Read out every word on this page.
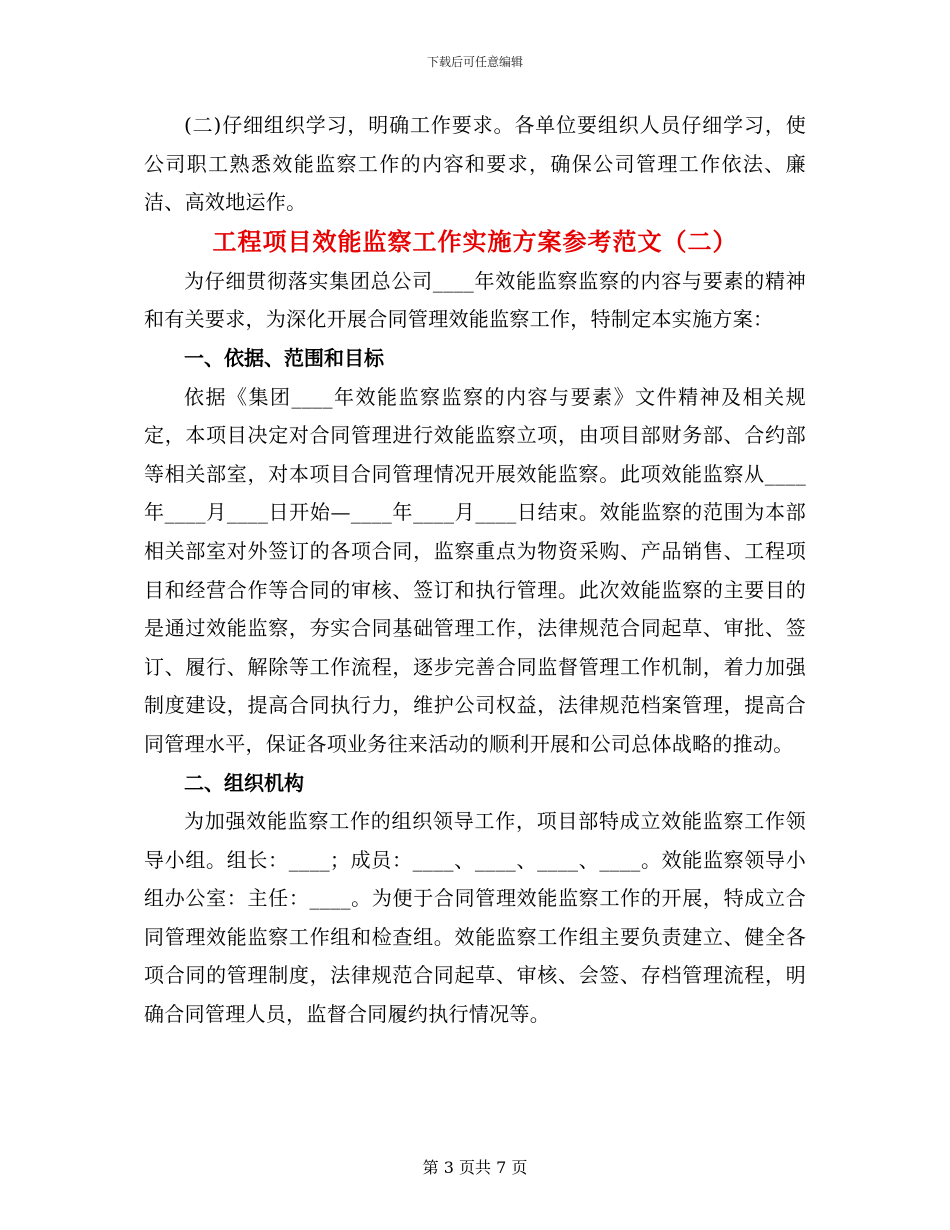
下载后可任意编辑

(二)仔细组织学习，明确工作要求。各单位要组织人员仔细学习，使公司职工熟悉效能监察工作的内容和要求，确保公司管理工作依法、廉洁、高效地运作。

工程项目效能监察工作实施方案参考范文（二）

为仔细贯彻落实集团总公司____年效能监察监察的内容与要素的精神和有关要求，为深化开展合同管理效能监察工作，特制定本实施方案：

一、依据、范围和目标

依据《集团____年效能监察监察的内容与要素》文件精神及相关规定，本项目决定对合同管理进行效能监察立项，由项目部财务部、合约部等相关部室，对本项目合同管理情况开展效能监察。此项效能监察从____年____月____日开始—____年____月____日结束。效能监察的范围为本部相关部室对外签订的各项合同，监察重点为物资采购、产品销售、工程项目和经营合作等合同的审核、签订和执行管理。此次效能监察的主要目的是通过效能监察，夯实合同基础管理工作，法律规范合同起草、审批、签订、履行、解除等工作流程，逐步完善合同监督管理工作机制，着力加强制度建设，提高合同执行力，维护公司权益，法律规范档案管理，提高合同管理水平，保证各项业务往来活动的顺利开展和公司总体战略的推动。

二、组织机构

为加强效能监察工作的组织领导工作，项目部特成立效能监察工作领导小组。组长：____；成员：____、____、____、____。效能监察领导小组办公室：主任：____。为便于合同管理效能监察工作的开展，特成立合同管理效能监察工作组和检查组。效能监察工作组主要负责建立、健全各项合同的管理制度，法律规范合同起草、审核、会签、存档管理流程，明确合同管理人员，监督合同履约执行情况等。

第 3 页共 7 页
